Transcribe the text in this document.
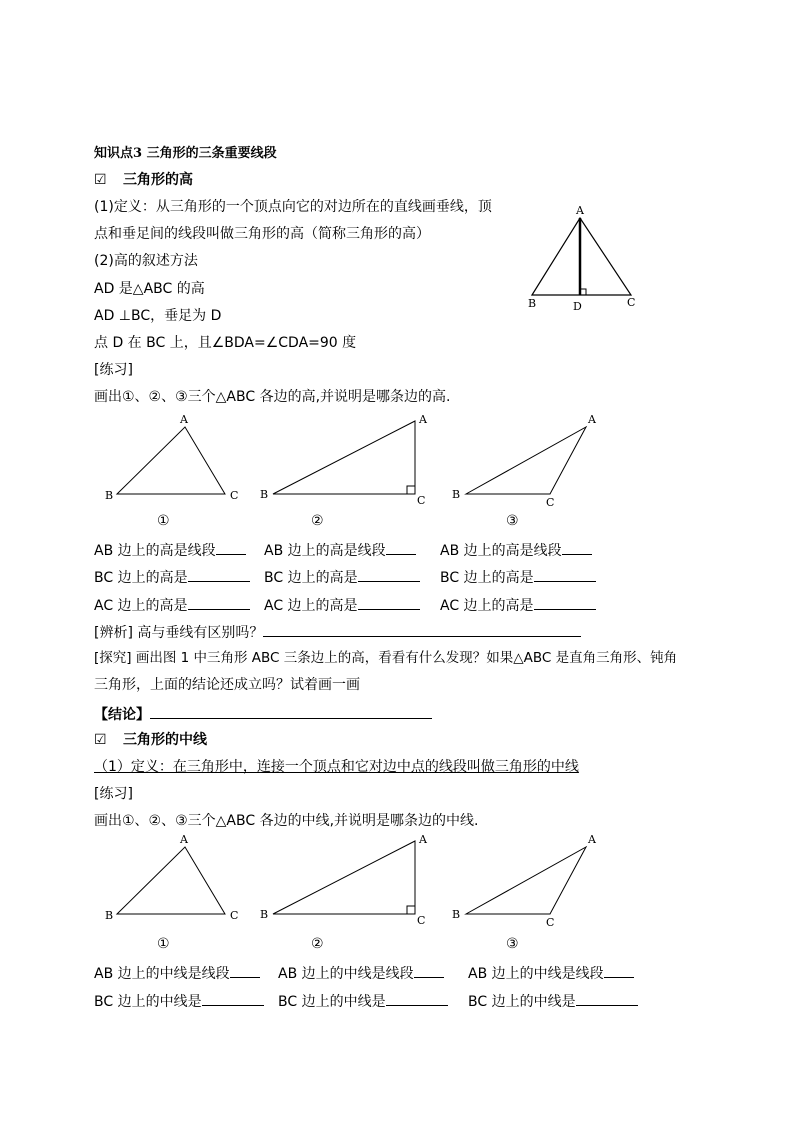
知识点3 三角形的三条重要线段
☑ 三角形的高
(1)定义：从三角形的一个顶点向它的对边所在的直线画垂线，顶
点和垂足间的线段叫做三角形的高（简称三角形的高）
(2)高的叙述方法
AD 是△ABC 的高
AD ⊥BC，垂足为 D
点 D 在 BC 上，且∠BDA=∠CDA=90 度
[练习]
画出①、②、③三个△ABC 各边的高,并说明是哪条边的高.
A
B	D	C
A
B	C
A
B	C
A
B
C
①	②	③
AB 边上的高是线段	AB 边上的高是线段	AB 边上的高是线段
BC 边上的高是	BC 边上的高是	BC 边上的高是
AC 边上的高是	AC 边上的高是	AC 边上的高是
[辨析] 高与垂线有区别吗？
[探究] 画出图 1 中三角形 ABC 三条边上的高，看看有什么发现？如果△ABC 是直角三角形、钝角
三角形，上面的结论还成立吗？试着画一画
【结论】
☑ 三角形的中线
（1）定义：在三角形中，连接一个顶点和它对边中点的线段叫做三角形的中线
[练习]
画出①、②、③三个△ABC 各边的中线,并说明是哪条边的中线.
A
B	C
A
B	C
A
B
C
①	②	③
AB 边上的中线是线段	AB 边上的中线是线段	AB 边上的中线是线段
BC 边上的中线是	BC 边上的中线是	BC 边上的中线是
